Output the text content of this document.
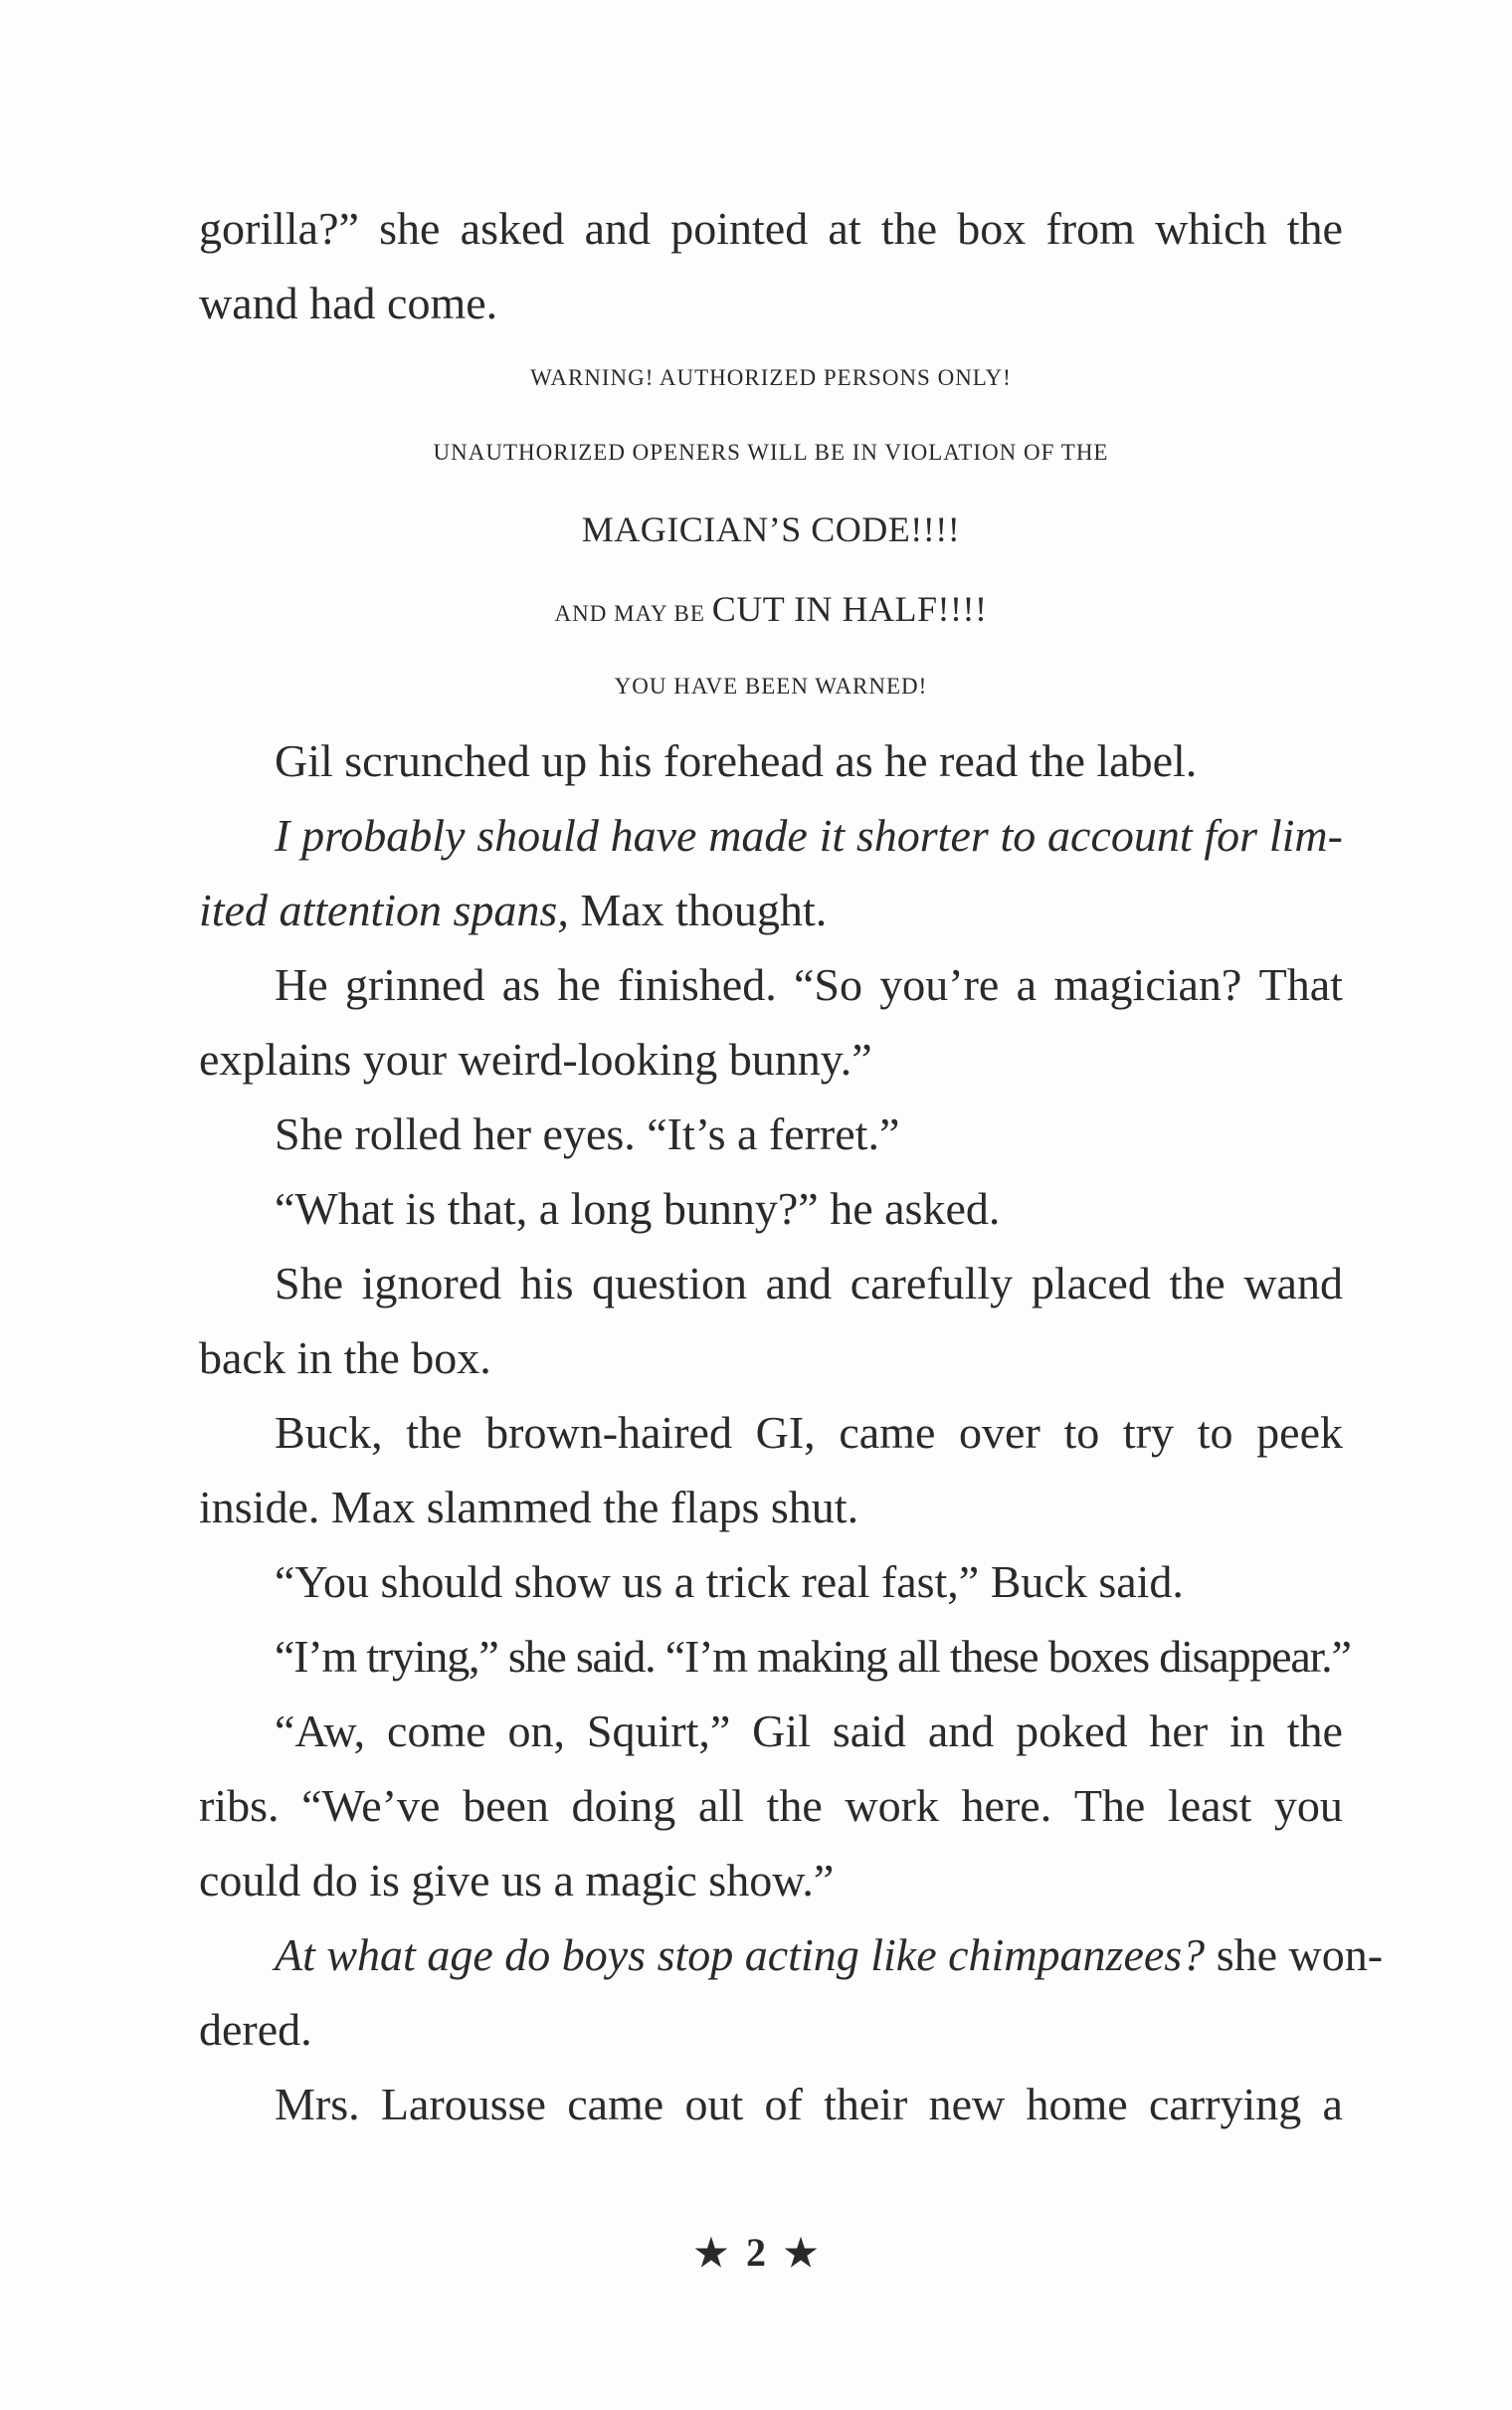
gorilla?” she asked and pointed at the box from which the
wand had come.
WARNING! AUTHORIZED PERSONS ONLY!
UNAUTHORIZED OPENERS WILL BE IN VIOLATION OF THE
MAGICIAN’S CODE!!!!
AND MAY BE CUT IN HALF!!!!
YOU HAVE BEEN WARNED!
Gil scrunched up his forehead as he read the label.
I probably should have made it shorter to account for lim-
ited attention spans, Max thought.
He grinned as he finished. “So you’re a magician? That
explains your weird-looking bunny.”
She rolled her eyes. “It’s a ferret.”
“What is that, a long bunny?” he asked.
She ignored his question and carefully placed the wand
back in the box.
Buck, the brown-haired GI, came over to try to peek
inside. Max slammed the flaps shut.
“You should show us a trick real fast,” Buck said.
“I’m trying,” she said. “I’m making all these boxes disappear.”
“Aw, come on, Squirt,” Gil said and poked her in the
ribs. “We’ve been doing all the work here. The least you
could do is give us a magic show.”
At what age do boys stop acting like chimpanzees? she won-
dered.
Mrs. Larousse came out of their new home carrying a
★ 2 ★
